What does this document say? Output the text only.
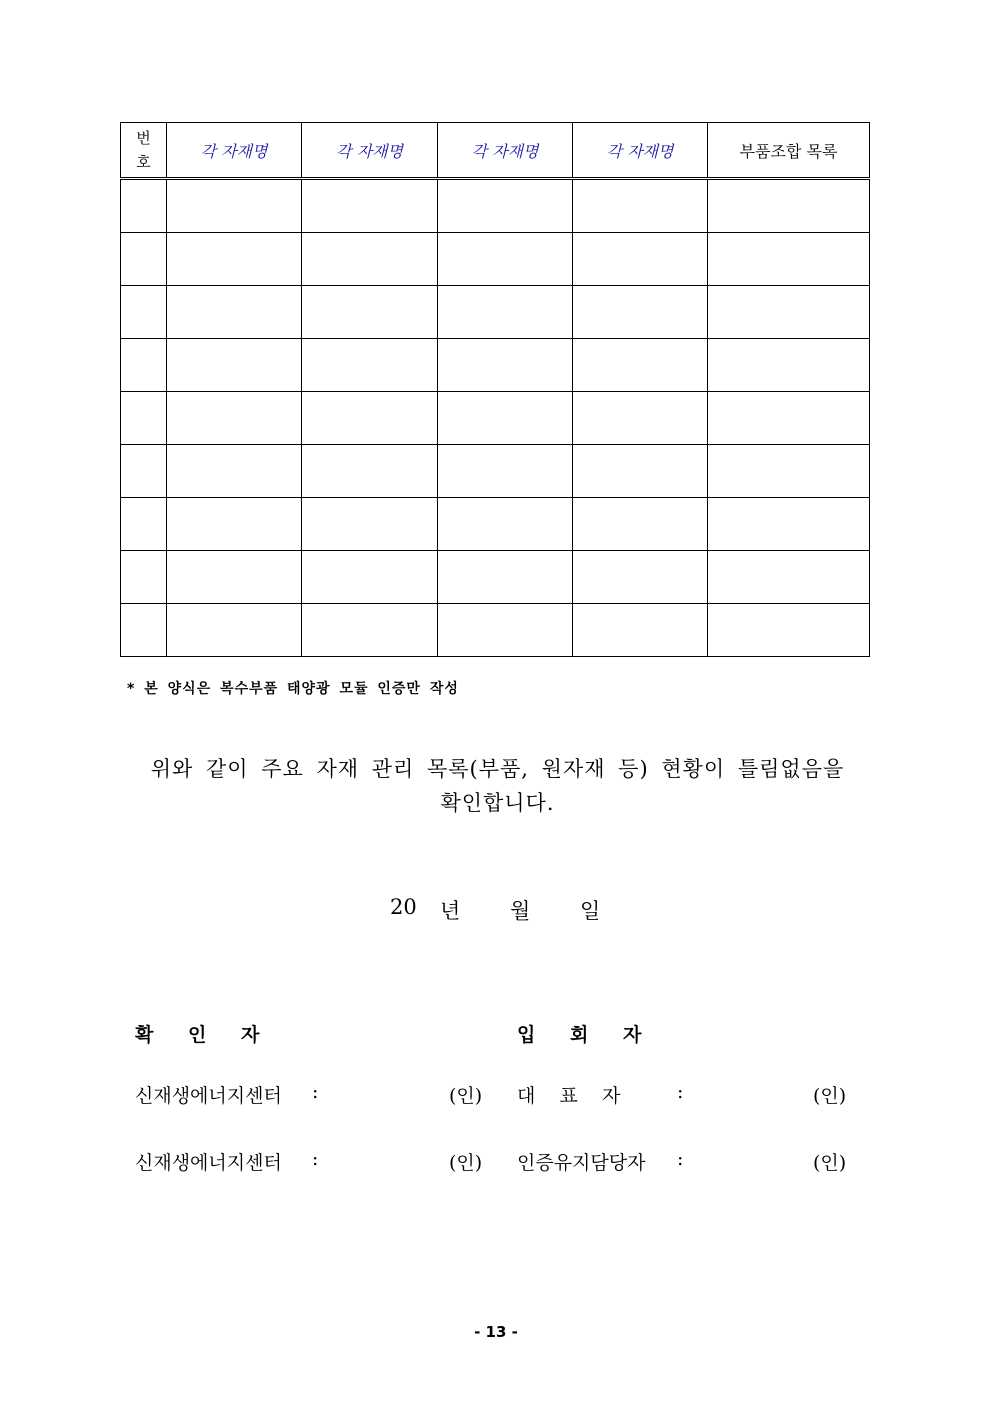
번
호	각 자재명	각 자재명	각 자재명	각 자재명	부품조합 목록

* 본 양식은 복수부품 태양광 모듈 인증만 작성
위와 같이 주요 자재 관리 목록(부품, 원자재 등) 현황이 틀림없음을
확인합니다.
20 년 월 일
확 인 자	입 회 자
신재생에너지센터 :	(인) 대    표    자	:	(인)
신재생에너지센터 :	(인) 인증유지담당자 :	(인)
- 13 -
